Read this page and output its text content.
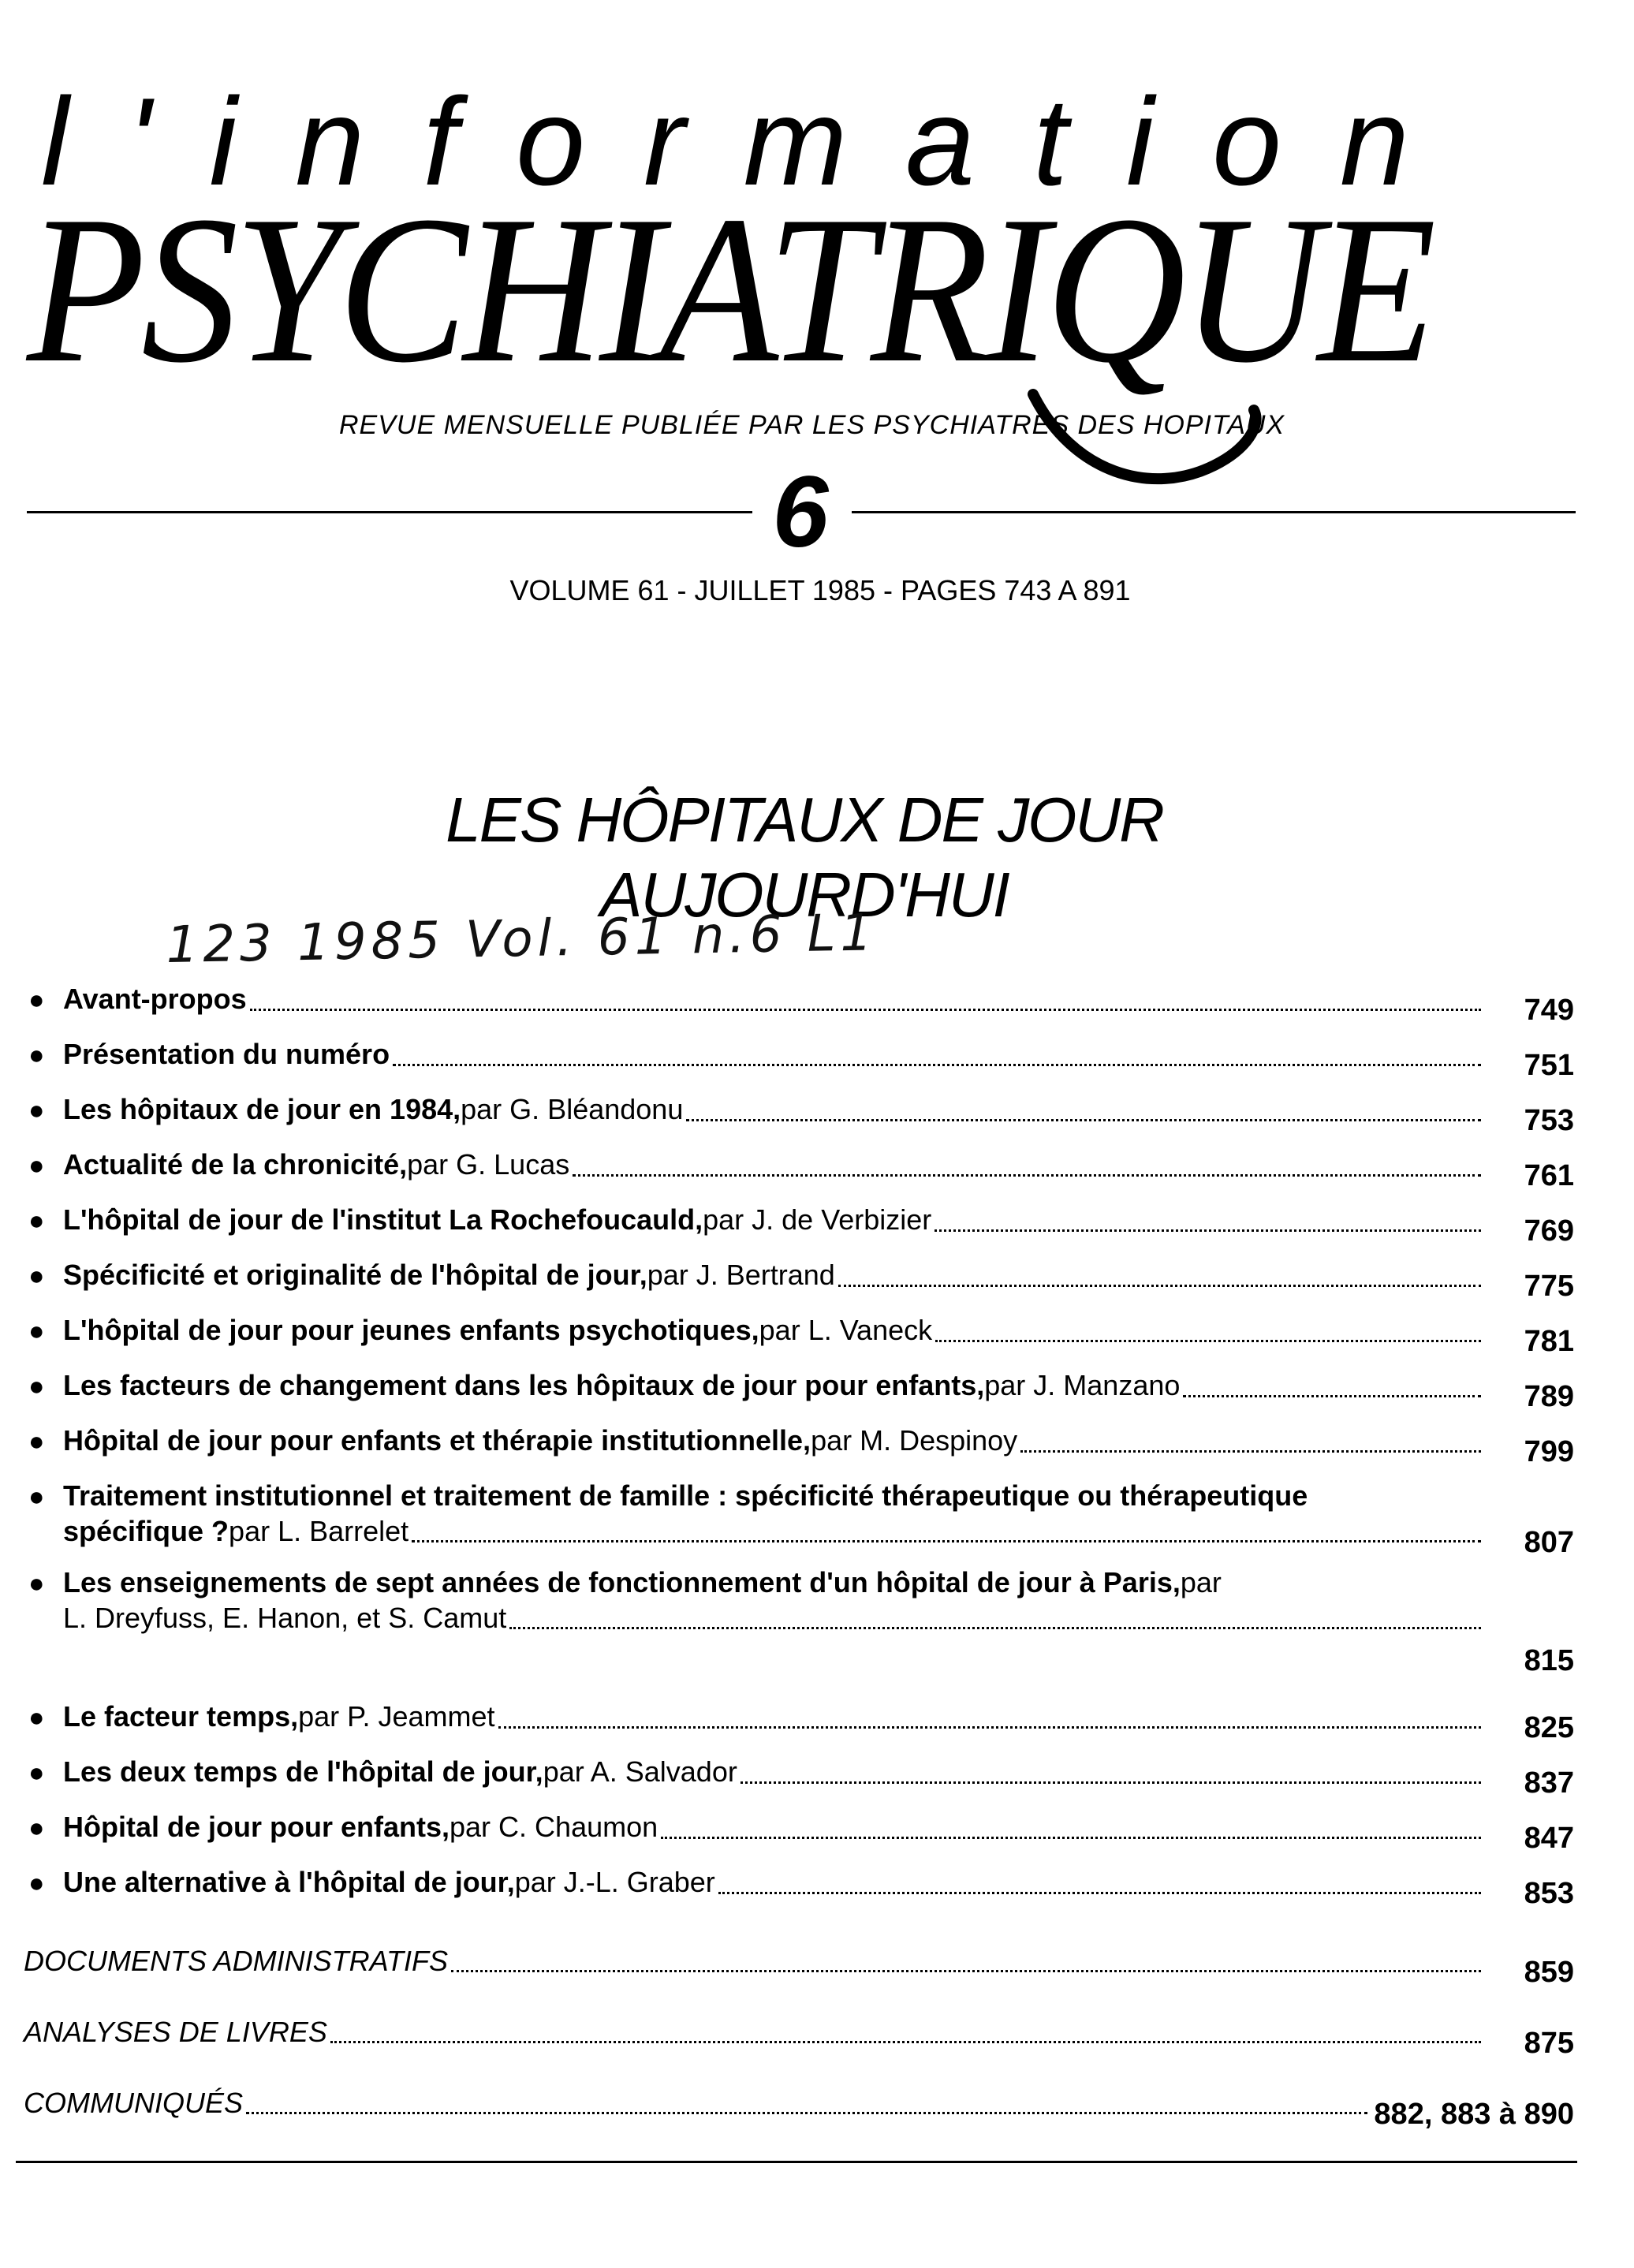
l'information
PSYCHIATRIQUE
REVUE MENSUELLE PUBLIÉE PAR LES PSYCHIATRES DES HOPITAUX
6
VOLUME 61 - JUILLET 1985 - PAGES 743 A 891
LES HÔPITAUX DE JOUR
AUJOURD'HUI
123 1985 Vol. 61 n.6 L1
● Avant-propos	749
● Présentation du numéro	751
● Les hôpitaux de jour en 1984, par G. Bléandonu	753
● Actualité de la chronicité, par G. Lucas	761
● L'hôpital de jour de l'institut La Rochefoucauld, par J. de Verbizier	769
● Spécificité et originalité de l'hôpital de jour, par J. Bertrand	775
● L'hôpital de jour pour jeunes enfants psychotiques, par L. Vaneck	781
● Les facteurs de changement dans les hôpitaux de jour pour enfants, par J. Manzano	789
● Hôpital de jour pour enfants et thérapie institutionnelle, par M. Despinoy	799
● Traitement institutionnel et traitement de famille : spécificité thérapeutique ou thérapeutique
spécifique ? par L. Barrelet	807
● Les enseignements de sept années de fonctionnement d'un hôpital de jour à Paris, par
L. Dreyfuss, E. Hanon, et S. Camut
815
● Le facteur temps, par P. Jeammet	825
● Les deux temps de l'hôpital de jour, par A. Salvador	837
● Hôpital de jour pour enfants, par C. Chaumon	847
● Une alternative à l'hôpital de jour, par J.-L. Graber	853
DOCUMENTS ADMINISTRATIFS	859
ANALYSES DE LIVRES	875
COMMUNIQUÉS	882, 883 à 890
